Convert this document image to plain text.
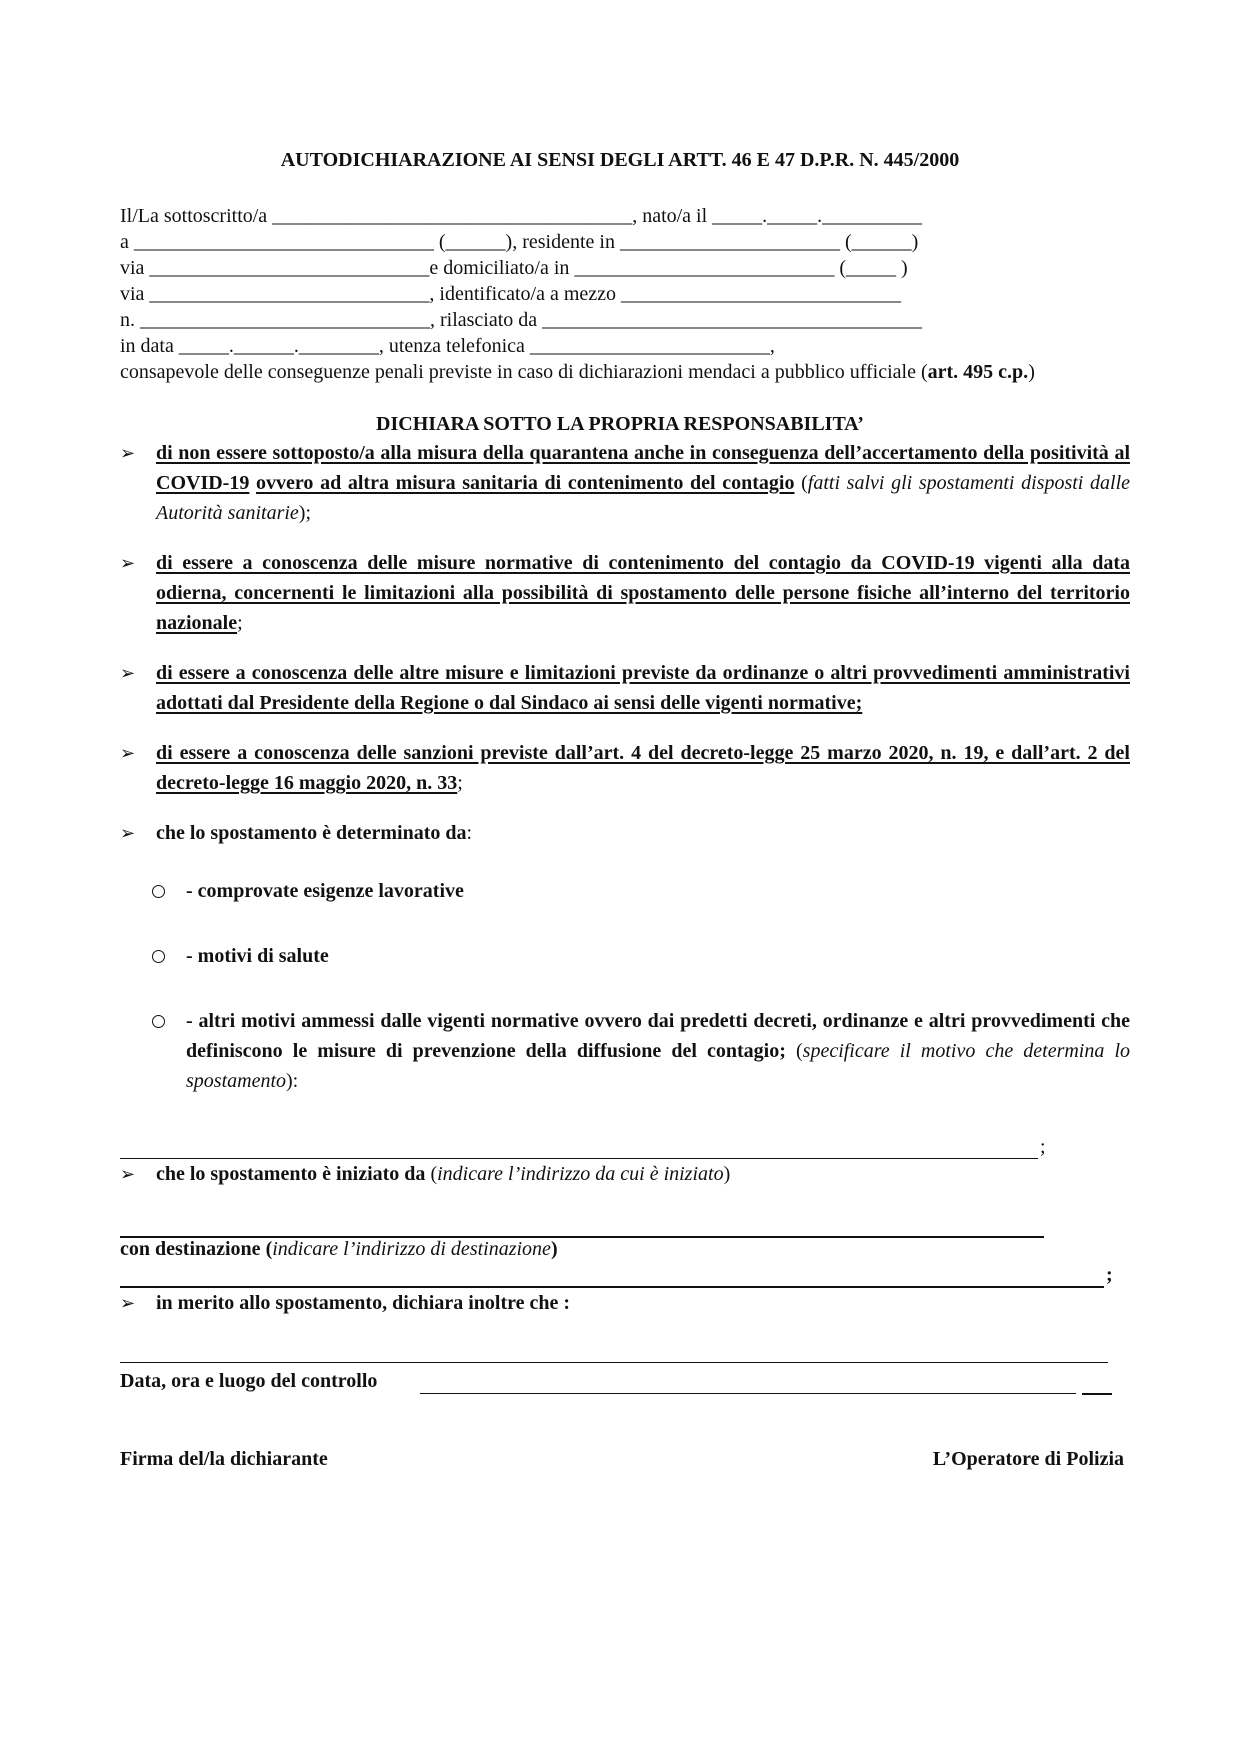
AUTODICHIARAZIONE AI SENSI DEGLI ARTT. 46 E 47 D.P.R. N. 445/2000
Il/La sottoscritto/a ____________________________________, nato/a il _____._____.__________
a ______________________________ (______), residente in ______________________ (______)
via ____________________________e domiciliato/a in __________________________ (_____ )
via ____________________________, identificato/a a mezzo ____________________________
n. _____________________________, rilasciato da ______________________________________
in data _____.______.________, utenza telefonica ________________________,
consapevole delle conseguenze penali previste in caso di dichiarazioni mendaci a pubblico ufficiale (art. 495 c.p.)
DICHIARA SOTTO LA PROPRIA RESPONSABILITA’
➢ di non essere sottoposto/a alla misura della quarantena anche in conseguenza dell’accertamento della positività al COVID-19 ovvero ad altra misura sanitaria di contenimento del contagio (fatti salvi gli spostamenti disposti dalle Autorità sanitarie);
➢ di essere a conoscenza delle misure normative di contenimento del contagio da COVID-19 vigenti alla data odierna, concernenti le limitazioni alla possibilità di spostamento delle persone fisiche all’interno del territorio nazionale;
➢ di essere a conoscenza delle altre misure e limitazioni previste da ordinanze o altri provvedimenti amministrativi adottati dal Presidente della Regione o dal Sindaco ai sensi delle vigenti normative;
➢ di essere a conoscenza delle sanzioni previste dall’art. 4 del decreto-legge 25 marzo 2020, n. 19, e dall’art. 2 del decreto-legge 16 maggio 2020, n. 33;
➢ che lo spostamento è determinato da:
- comprovate esigenze lavorative
- motivi di salute
- altri motivi ammessi dalle vigenti normative ovvero dai predetti decreti, ordinanze e altri provvedimenti che definiscono le misure di prevenzione della diffusione del contagio; (specificare il motivo che determina lo spostamento):
;
➢ che lo spostamento è iniziato da (indicare l’indirizzo da cui è iniziato)
con destinazione (indicare l’indirizzo di destinazione)
;
➢ in merito allo spostamento, dichiara inoltre che :
Data, ora e luogo del controllo
Firma del/la dichiarante	L’Operatore di Polizia
